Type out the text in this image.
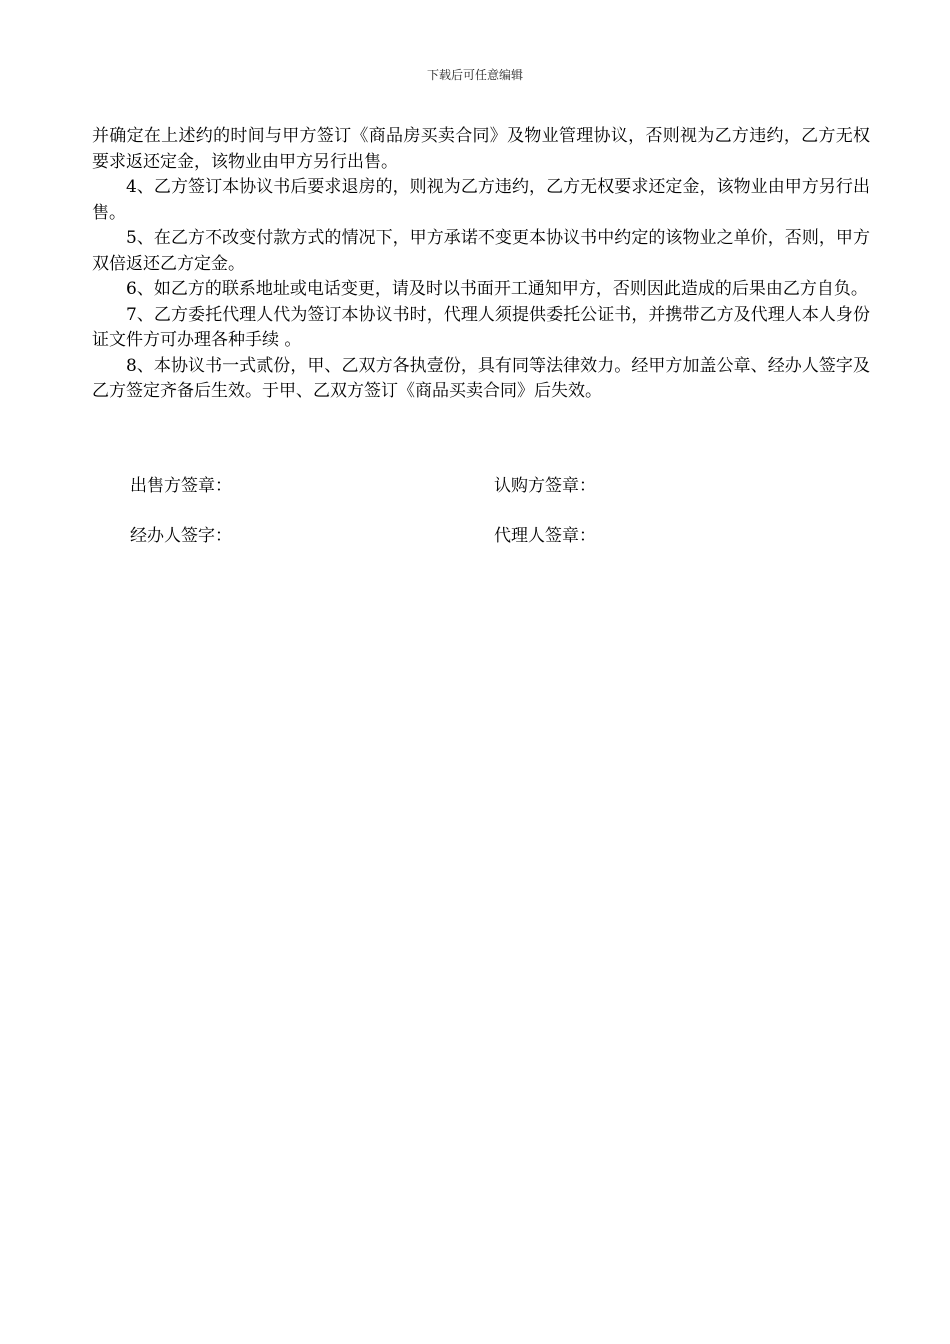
下载后可任意编辑

并确定在上述约的时间与甲方签订《商品房买卖合同》及物业管理协议，否则视为乙方违约，乙方无权要求返还定金，该物业由甲方另行出售。

4、乙方签订本协议书后要求退房的，则视为乙方违约，乙方无权要求还定金，该物业由甲方另行出售。

5、在乙方不改变付款方式的情况下，甲方承诺不变更本协议书中约定的该物业之单价，否则，甲方双倍返还乙方定金。

6、如乙方的联系地址或电话变更，请及时以书面开工通知甲方，否则因此造成的后果由乙方自负。

7、乙方委托代理人代为签订本协议书时，代理人须提供委托公证书，并携带乙方及代理人本人身份证文件方可办理各种手续 。

8、本协议书一式贰份，甲、乙双方各执壹份，具有同等法律效力。经甲方加盖公章、经办人签字及乙方签定齐备后生效。于甲、乙双方签订《商品买卖合同》后失效。

出售方签章：	认购方签章：
经办人签字：	代理人签章：
